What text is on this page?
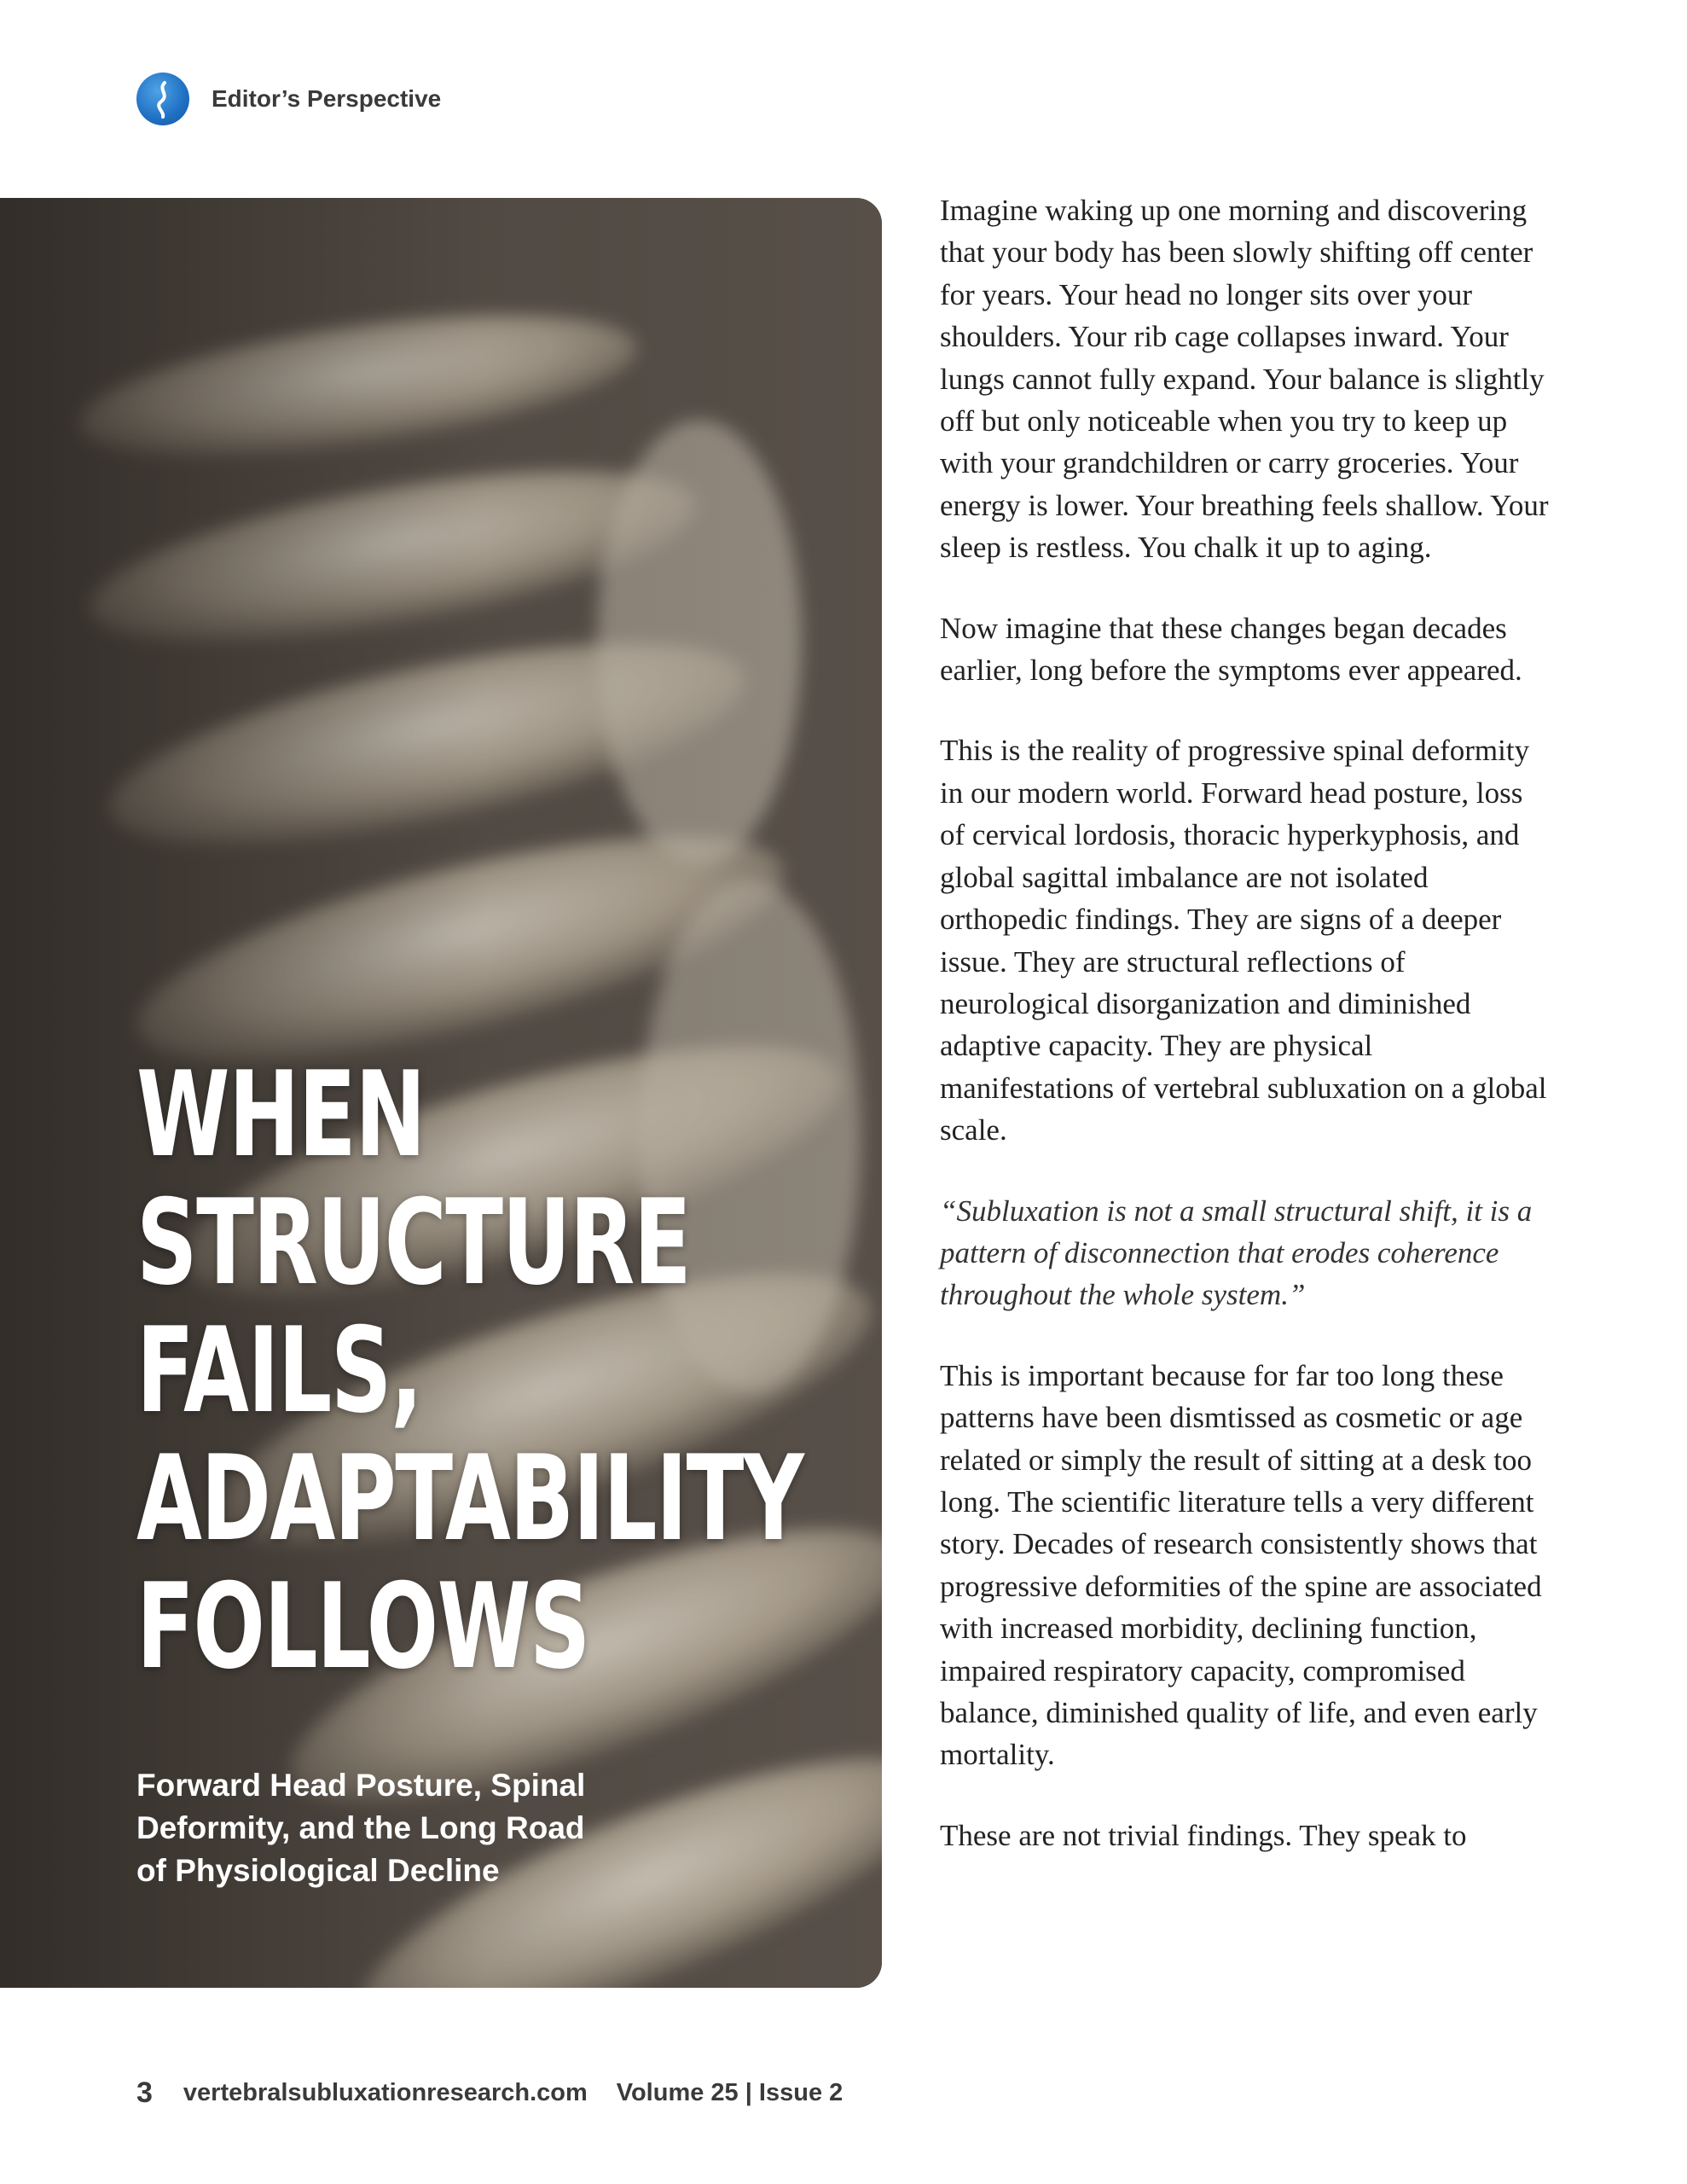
Editor’s Perspective
WHEN
STRUCTURE
FAILS,
ADAPTABILITY
FOLLOWS

Forward Head Posture, Spinal
Deformity, and the Long Road
of Physiological Decline

Imagine waking up one morning and discovering that your body has been slowly shifting off center for years. Your head no longer sits over your shoulders. Your rib cage collapses inward. Your lungs cannot fully expand. Your balance is slightly off but only noticeable when you try to keep up with your grandchildren or carry groceries. Your energy is lower. Your breathing feels shallow. Your sleep is restless. You chalk it up to aging.

Now imagine that these changes began decades earlier, long before the symptoms ever appeared.

This is the reality of progressive spinal deformity in our modern world. Forward head posture, loss of cervical lordosis, thoracic hyperkyphosis, and global sagittal imbalance are not isolated orthopedic findings. They are signs of a deeper issue. They are structural reflections of neurological disorganization and diminished adaptive capacity. They are physical manifestations of vertebral subluxation on a global scale.

“Subluxation is not a small structural shift, it is a pattern of disconnection that erodes coherence throughout the whole system.”

This is important because for far too long these patterns have been dismtissed as cosmetic or age related or simply the result of sitting at a desk too long. The scientific literature tells a very different story. Decades of research consistently shows that progressive deformities of the spine are associated with increased morbidity, declining function, impaired respiratory capacity, compromised balance, diminished quality of life, and even early mortality.

These are not trivial findings. They speak to

3 vertebralsubluxationresearch.com Volume 25 | Issue 2
